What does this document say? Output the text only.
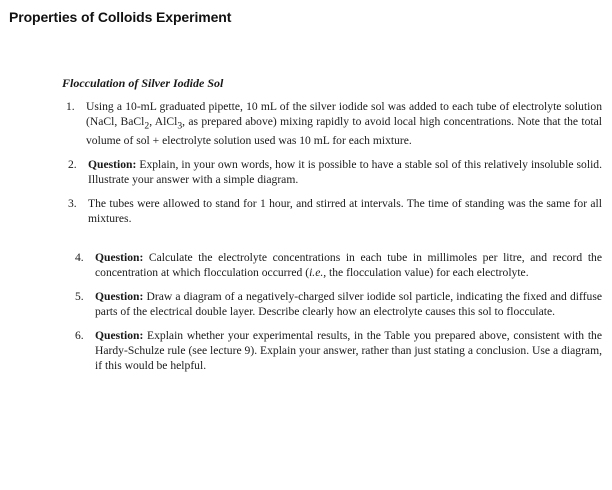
Properties of Colloids Experiment
Flocculation of Silver Iodide Sol
1. Using a 10-mL graduated pipette, 10 mL of the silver iodide sol was added to each tube of electrolyte solution (NaCl, BaCl$_2$, AlCl$_3$, as prepared above) mixing rapidly to avoid local high concentrations. Note that the total volume of sol + electrolyte solution used was 10 mL for each mixture.
2. Question: Explain, in your own words, how it is possible to have a stable sol of this relatively insoluble solid. Illustrate your answer with a simple diagram.
3. The tubes were allowed to stand for 1 hour, and stirred at intervals. The time of standing was the same for all mixtures.
4. Question: Calculate the electrolyte concentrations in each tube in millimoles per litre, and record the concentration at which flocculation occurred (i.e., the flocculation value) for each electrolyte.
5. Question: Draw a diagram of a negatively-charged silver iodide sol particle, indicating the fixed and diffuse parts of the electrical double layer. Describe clearly how an electrolyte causes this sol to flocculate.
6. Question: Explain whether your experimental results, in the Table you prepared above, consistent with the Hardy-Schulze rule (see lecture 9). Explain your answer, rather than just stating a conclusion. Use a diagram, if this would be helpful.
